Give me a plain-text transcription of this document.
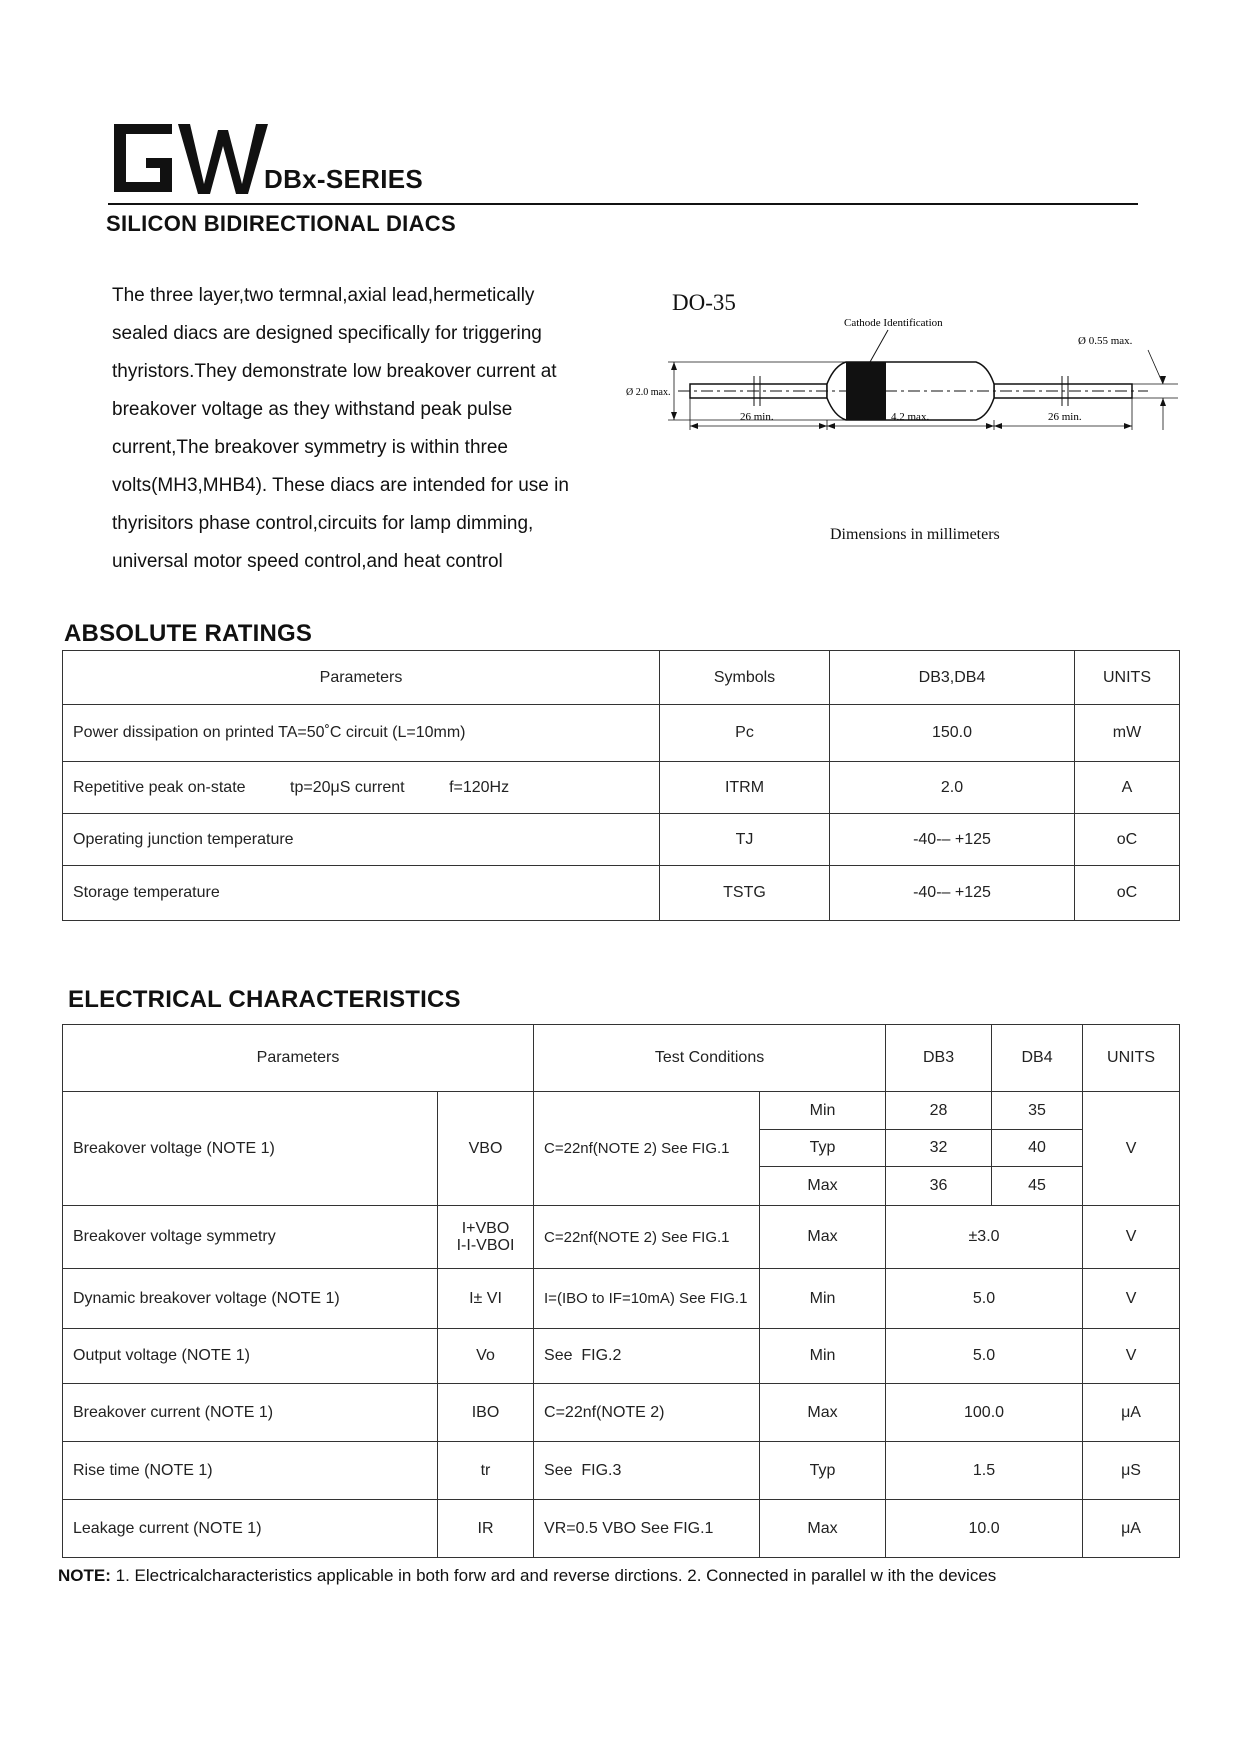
DBx-SERIES
SILICON BIDIRECTIONAL DIACS

The three layer,two termnal,axial lead,hermetically
sealed diacs are designed specifically for triggering
thyristors.They demonstrate low breakover current at
breakover voltage as they withstand peak pulse
current,The breakover symmetry is within three
volts(MH3,MHB4). These diacs are intended for use in
thyrisitors phase control,circuits for lamp dimming,
universal motor speed control,and heat control

DO-35
Cathode Identification
Ø 2.0 max.
Ø 0.55 max.
26 min.	4.2 max.	26 min.
Dimensions in millimeters
ABSOLUTE RATINGS
Parameters	Symbols	DB3,DB4	UNITS
Power dissipation on printed TA=50˚C circuit (L=10mm)	Pc	150.0	mW
Repetitive peak on-state          tp=20μS current          f=120Hz	ITRM	2.0	A
Operating junction temperature	TJ	-40-– +125	oC
Storage temperature	TSTG	-40-– +125	oC
ELECTRICAL CHARACTERISTICS
Parameters		Test Conditions		DB3	DB4	UNITS
Breakover voltage (NOTE 1)	VBO	C=22nf(NOTE 2) See FIG.1	Min	28	35	V
			Typ	32	40	
			Max	36	45	
Breakover voltage symmetry	I+VBO
I-I-VBOI	C=22nf(NOTE 2) See FIG.1	Max	±3.0		V
Dynamic breakover voltage (NOTE 1)	I± VI	I=(IBO to IF=10mA) See FIG.1	Min	5.0		V
Output voltage (NOTE 1)	Vo	See  FIG.2	Min	5.0		V
Breakover current (NOTE 1)	IBO	C=22nf(NOTE 2)	Max	100.0		μA
Rise time (NOTE 1)	tr	See  FIG.3	Typ	1.5		μS
Leakage current (NOTE 1)	IR	VR=0.5 VBO See FIG.1	Max	10.0		μA
NOTE: 1. Electricalcharacteristics applicable in both forw ard and reverse dirctions. 2. Connected in parallel w ith the devices
